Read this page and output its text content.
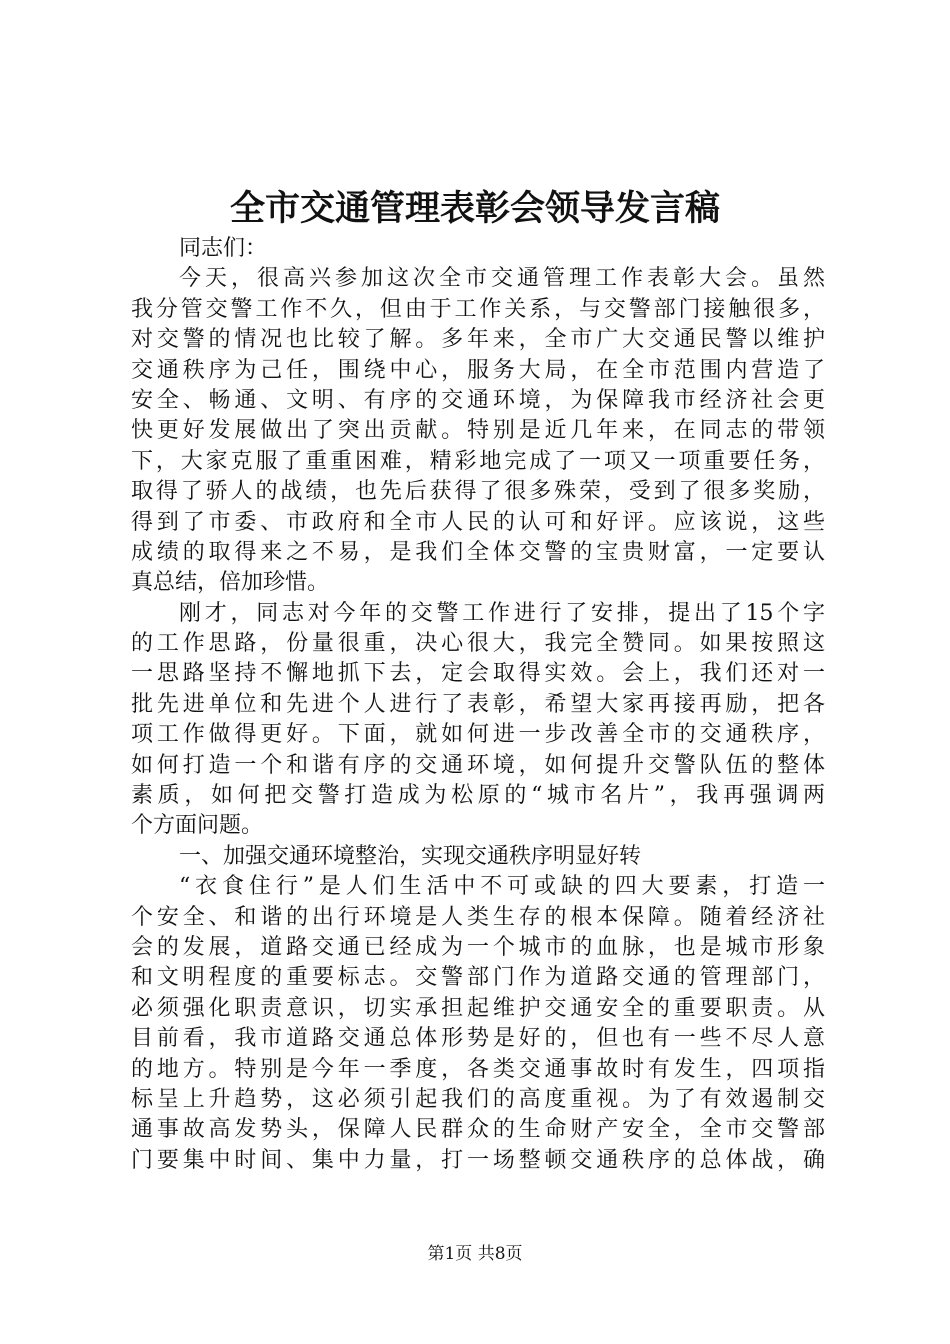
全市交通管理表彰会领导发言稿
同志们：
今天，很高兴参加这次全市交通管理工作表彰大会。虽然
我分管交警工作不久，但由于工作关系，与交警部门接触很多，
对交警的情况也比较了解。多年来，全市广大交通民警以维护
交通秩序为己任，围绕中心，服务大局，在全市范围内营造了
安全、畅通、文明、有序的交通环境，为保障我市经济社会更
快更好发展做出了突出贡献。特别是近几年来，在同志的带领
下，大家克服了重重困难，精彩地完成了一项又一项重要任务，
取得了骄人的战绩，也先后获得了很多殊荣，受到了很多奖励，
得到了市委、市政府和全市人民的认可和好评。应该说，这些
成绩的取得来之不易，是我们全体交警的宝贵财富，一定要认
真总结，倍加珍惜。
刚才，同志对今年的交警工作进行了安排，提出了15个字
的工作思路，份量很重，决心很大，我完全赞同。如果按照这
一思路坚持不懈地抓下去，定会取得实效。会上，我们还对一
批先进单位和先进个人进行了表彰，希望大家再接再励，把各
项工作做得更好。下面，就如何进一步改善全市的交通秩序，
如何打造一个和谐有序的交通环境，如何提升交警队伍的整体
素质，如何把交警打造成为松原的“城市名片”，我再强调两
个方面问题。
一、加强交通环境整治，实现交通秩序明显好转
“衣食住行”是人们生活中不可或缺的四大要素，打造一
个安全、和谐的出行环境是人类生存的根本保障。随着经济社
会的发展，道路交通已经成为一个城市的血脉，也是城市形象
和文明程度的重要标志。交警部门作为道路交通的管理部门，
必须强化职责意识，切实承担起维护交通安全的重要职责。从
目前看，我市道路交通总体形势是好的，但也有一些不尽人意
的地方。特别是今年一季度，各类交通事故时有发生，四项指
标呈上升趋势，这必须引起我们的高度重视。为了有效遏制交
通事故高发势头，保障人民群众的生命财产安全，全市交警部
门要集中时间、集中力量，打一场整顿交通秩序的总体战，确
第1页 共8页
